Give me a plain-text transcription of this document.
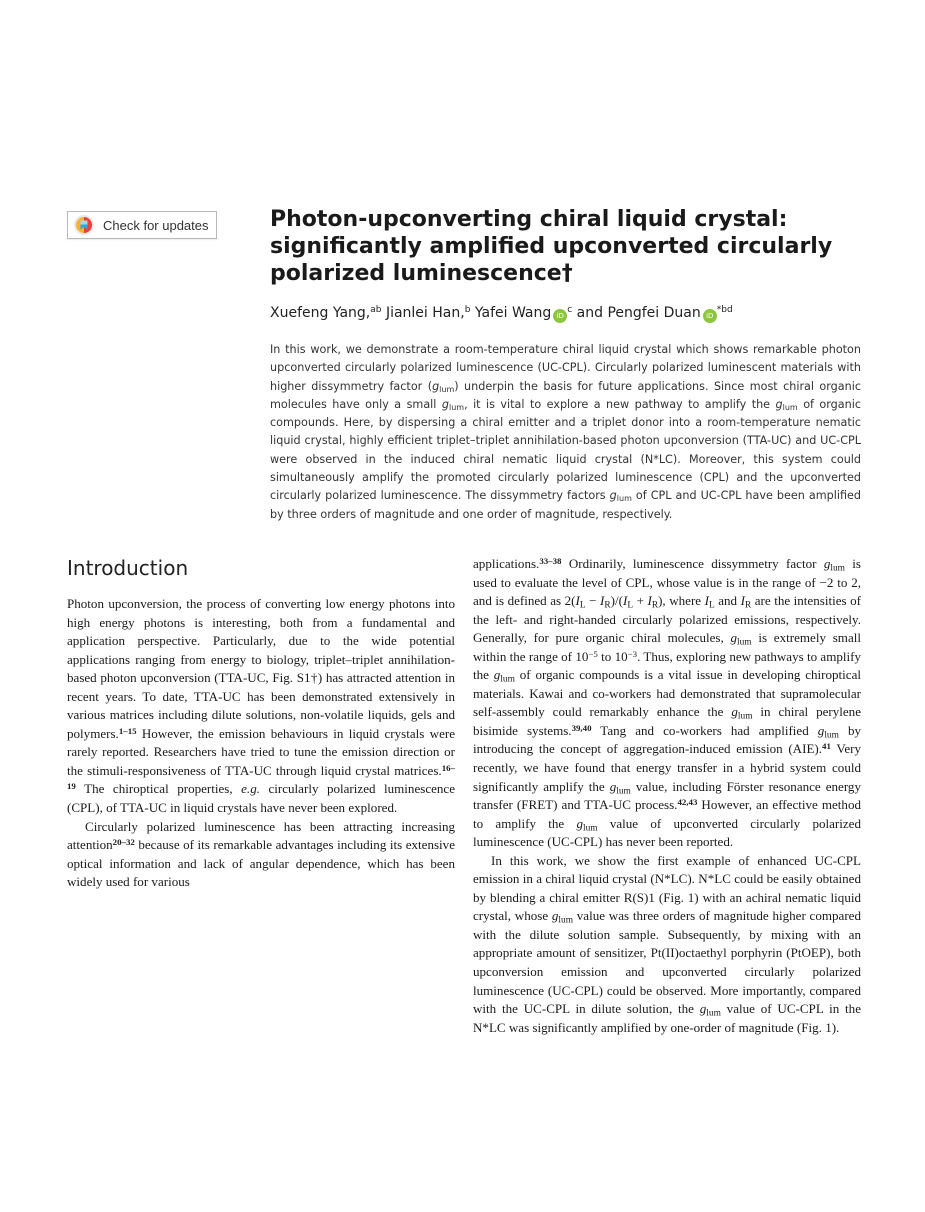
Check for updates	Photon-upconverting chiral liquid crystal: significantly amplified upconverted circularly polarized luminescence†
Xuefeng Yang,$^{ab}$ Jianlei Han,$^b$ Yafei Wang $iD^c$ and Pengfei Duan $iD^{*bd}$

In this work, we demonstrate a room-temperature chiral liquid crystal which shows remarkable photon upconverted circularly polarized luminescence (UC-CPL). Circularly polarized luminescent materials with higher dissymmetry factor $(g_{lum})$ underpin the basis for future applications. Since most chiral organic molecules have only a small $g_{lum}$, it is vital to explore a new pathway to amplify the $g_{lum}$ of organic compounds. Here, by dispersing a chiral emitter and a triplet donor into a room-temperature nematic liquid crystal, highly efficient triplet–triplet annihilation-based photon upconversion (TTA-UC) and UC-CPL were observed in the induced chiral nematic liquid crystal (N*LC). Moreover, this system could simultaneously amplify the promoted circularly polarized luminescence (CPL) and the upconverted circularly polarized luminescence. The dissymmetry factors $g_{lum}$ of CPL and UC-CPL have been amplified by three orders of magnitude and one order of magnitude, respectively.

Introduction

Photon upconversion, the process of converting low energy photons into high energy photons is interesting, both from a fundamental and application perspective. Particularly, due to the wide potential applications ranging from energy to biology, triplet–triplet annihilation-based photon upconversion (TTA-UC, Fig. S1†) has attracted attention in recent years. To date, TTA-UC has been demonstrated extensively in various matrices including dilute solutions, non-volatile liquids, gels and polymers.$^{1-15}$ However, the emission behaviours in liquid crystals were rarely reported. Researchers have tried to tune the emission direction or the stimuli-responsiveness of TTA-UC through liquid crystal matrices.$^{16-19}$ The chiroptical properties, e.g. circularly polarized luminescence (CPL), of TTA-UC in liquid crystals have never been explored.

Circularly polarized luminescence has been attracting increasing attention$^{20-32}$ because of its remarkable advantages including its extensive optical information and lack of angular dependence, which has been widely used for various

applications.$^{33-38}$ Ordinarily, luminescence dissymmetry factor $g_{lum}$ is used to evaluate the level of CPL, whose value is in the range of −2 to 2, and is defined as $2(I_L - I_R)/(I_L + I_R)$, where $I_L$ and $I_R$ are the intensities of the left- and right-handed circularly polarized emissions, respectively. Generally, for pure organic chiral molecules, $g_{lum}$ is extremely small within the range of $10^{-5}$ to $10^{-3}$. Thus, exploring new pathways to amplify the $g_{lum}$ of organic compounds is a vital issue in developing chiroptical materials. Kawai and co-workers had demonstrated that supramolecular self-assembly could remarkably enhance the $g_{lum}$ in chiral perylene bisimide systems.$^{39,40}$ Tang and co-workers had amplified $g_{lum}$ by introducing the concept of aggregation-induced emission (AIE).$^{41}$ Very recently, we have found that energy transfer in a hybrid system could significantly amplify the $g_{lum}$ value, including Förster resonance energy transfer (FRET) and TTA-UC process.$^{42,43}$ However, an effective method to amplify the $g_{lum}$ value of upconverted circularly polarized luminescence (UC-CPL) has never been reported.

In this work, we show the first example of enhanced UC-CPL emission in a chiral liquid crystal (N*LC). N*LC could be easily obtained by blending a chiral emitter R(S)1 (Fig. 1) with an achiral nematic liquid crystal, whose $g_{lum}$ value was three orders of magnitude higher compared with the dilute solution sample. Subsequently, by mixing with an appropriate amount of sensitizer, Pt(II)octaethyl porphyrin (PtOEP), both upconversion emission and upconverted circularly polarized luminescence (UC-CPL) could be observed. More importantly, compared with the UC-CPL in dilute solution, the $g_{lum}$ value of UC-CPL in the N*LC was significantly amplified by one-order of magnitude (Fig. 1).
